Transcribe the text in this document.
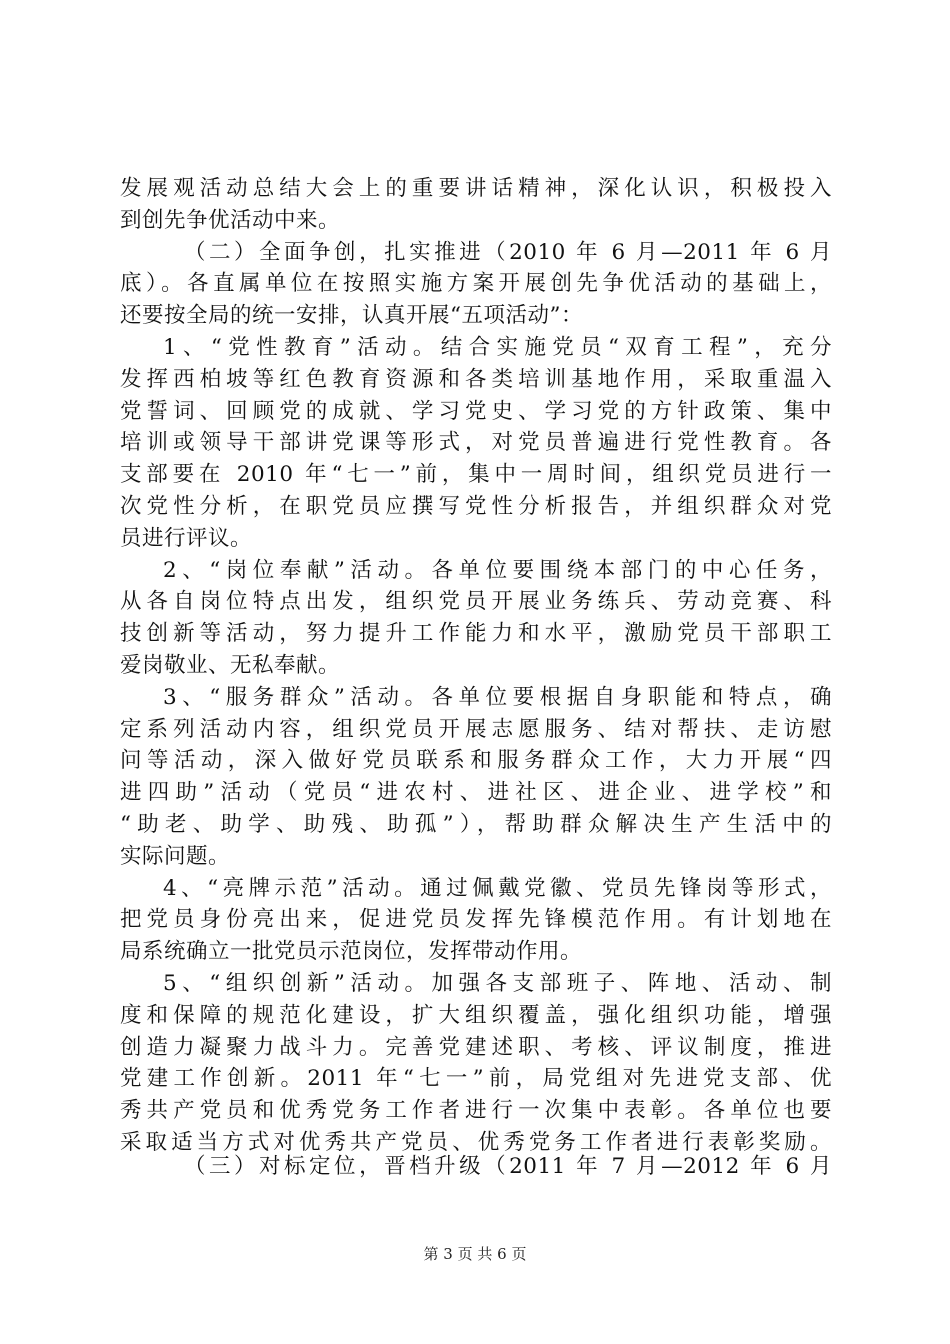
发展观活动总结大会上的重要讲话精神，深化认识，积极投入
到创先争优活动中来。
（二）全面争创，扎实推进（2010 年 6 月—2011 年 6 月
底）。各直属单位在按照实施方案开展创先争优活动的基础上，
还要按全局的统一安排，认真开展“五项活动”：
1、“党性教育”活动。结合实施党员“双育工程”，充分
发挥西柏坡等红色教育资源和各类培训基地作用，采取重温入
党誓词、回顾党的成就、学习党史、学习党的方针政策、集中
培训或领导干部讲党课等形式，对党员普遍进行党性教育。各
支部要在 2010 年“七一”前，集中一周时间，组织党员进行一
次党性分析，在职党员应撰写党性分析报告，并组织群众对党
员进行评议。
2、“岗位奉献”活动。各单位要围绕本部门的中心任务，
从各自岗位特点出发，组织党员开展业务练兵、劳动竞赛、科
技创新等活动，努力提升工作能力和水平，激励党员干部职工
爱岗敬业、无私奉献。
3、“服务群众”活动。各单位要根据自身职能和特点，确
定系列活动内容，组织党员开展志愿服务、结对帮扶、走访慰
问等活动，深入做好党员联系和服务群众工作，大力开展“四
进四助”活动（党员“进农村、进社区、进企业、进学校”和
“助老、助学、助残、助孤”），帮助群众解决生产生活中的
实际问题。
4、“亮牌示范”活动。通过佩戴党徽、党员先锋岗等形式，
把党员身份亮出来，促进党员发挥先锋模范作用。有计划地在
局系统确立一批党员示范岗位，发挥带动作用。
5、“组织创新”活动。加强各支部班子、阵地、活动、制
度和保障的规范化建设，扩大组织覆盖，强化组织功能，增强
创造力凝聚力战斗力。完善党建述职、考核、评议制度，推进
党建工作创新。2011 年“七一”前，局党组对先进党支部、优
秀共产党员和优秀党务工作者进行一次集中表彰。各单位也要
采取适当方式对优秀共产党员、优秀党务工作者进行表彰奖励。
（三）对标定位，晋档升级（2011 年 7 月—2012 年 6 月
第 3 页 共 6 页
